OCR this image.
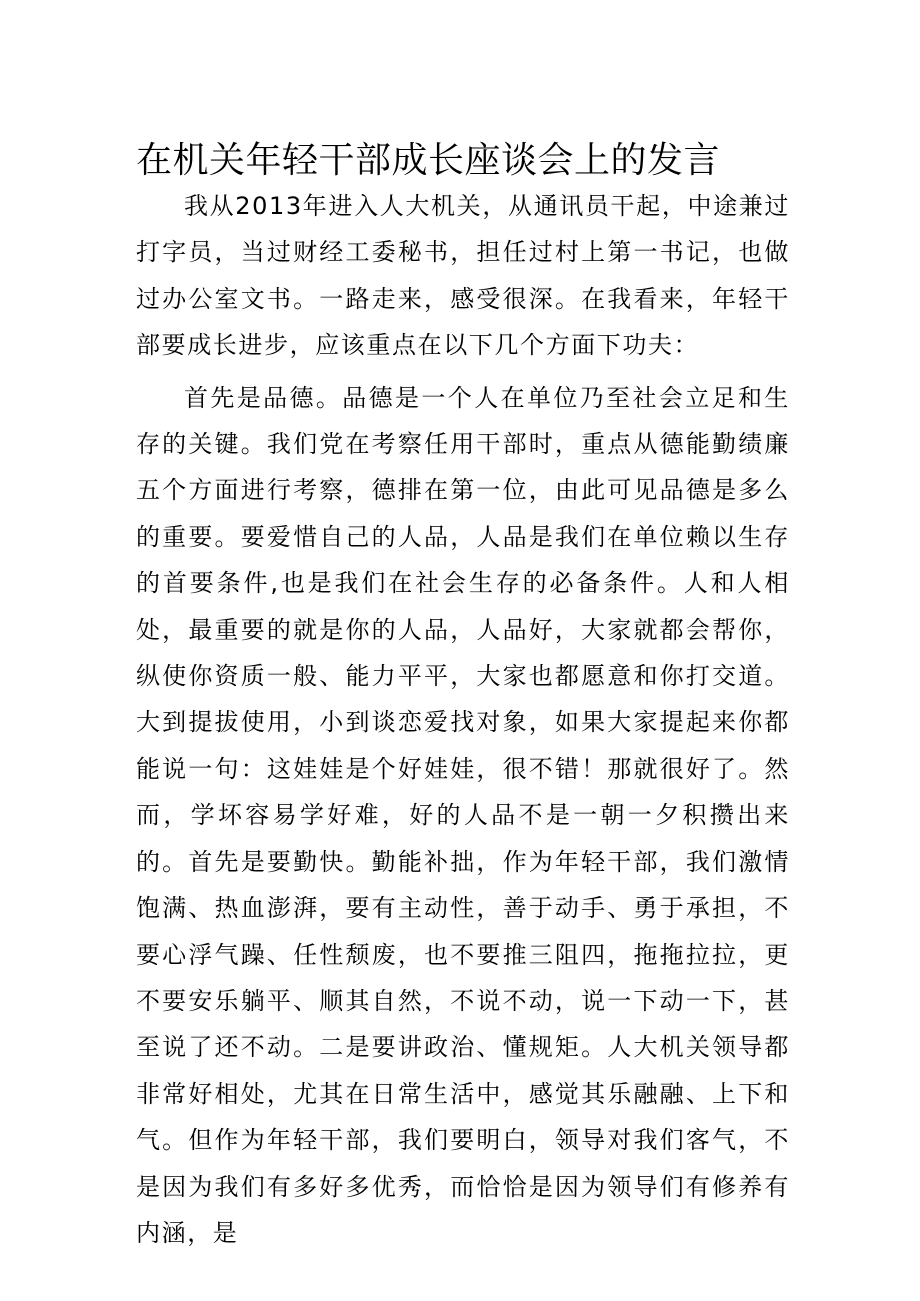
在机关年轻干部成长座谈会上的发言

我从2013年进入人大机关，从通讯员干起，中途兼过打字员，当过财经工委秘书，担任过村上第一书记，也做过办公室文书。一路走来，感受很深。在我看来，年轻干部要成长进步，应该重点在以下几个方面下功夫：

首先是品德。品德是一个人在单位乃至社会立足和生存的关键。我们党在考察任用干部时，重点从德能勤绩廉五个方面进行考察，德排在第一位，由此可见品德是多么的重要。要爱惜自己的人品，人品是我们在单位赖以生存的首要条件,也是我们在社会生存的必备条件。人和人相处，最重要的就是你的人品，人品好，大家就都会帮你，纵使你资质一般、能力平平，大家也都愿意和你打交道。大到提拔使用，小到谈恋爱找对象，如果大家提起来你都能说一句：这娃娃是个好娃娃，很不错！那就很好了。然而，学坏容易学好难，好的人品不是一朝一夕积攒出来的。首先是要勤快。勤能补拙，作为年轻干部，我们激情饱满、热血澎湃，要有主动性，善于动手、勇于承担，不要心浮气躁、任性颓废，也不要推三阻四，拖拖拉拉，更不要安乐躺平、顺其自然，不说不动，说一下动一下，甚至说了还不动。二是要讲政治、懂规矩。人大机关领导都非常好相处，尤其在日常生活中，感觉其乐融融、上下和气。但作为年轻干部，我们要明白，领导对我们客气，不是因为我们有多好多优秀，而恰恰是因为领导们有修养有内涵，是
